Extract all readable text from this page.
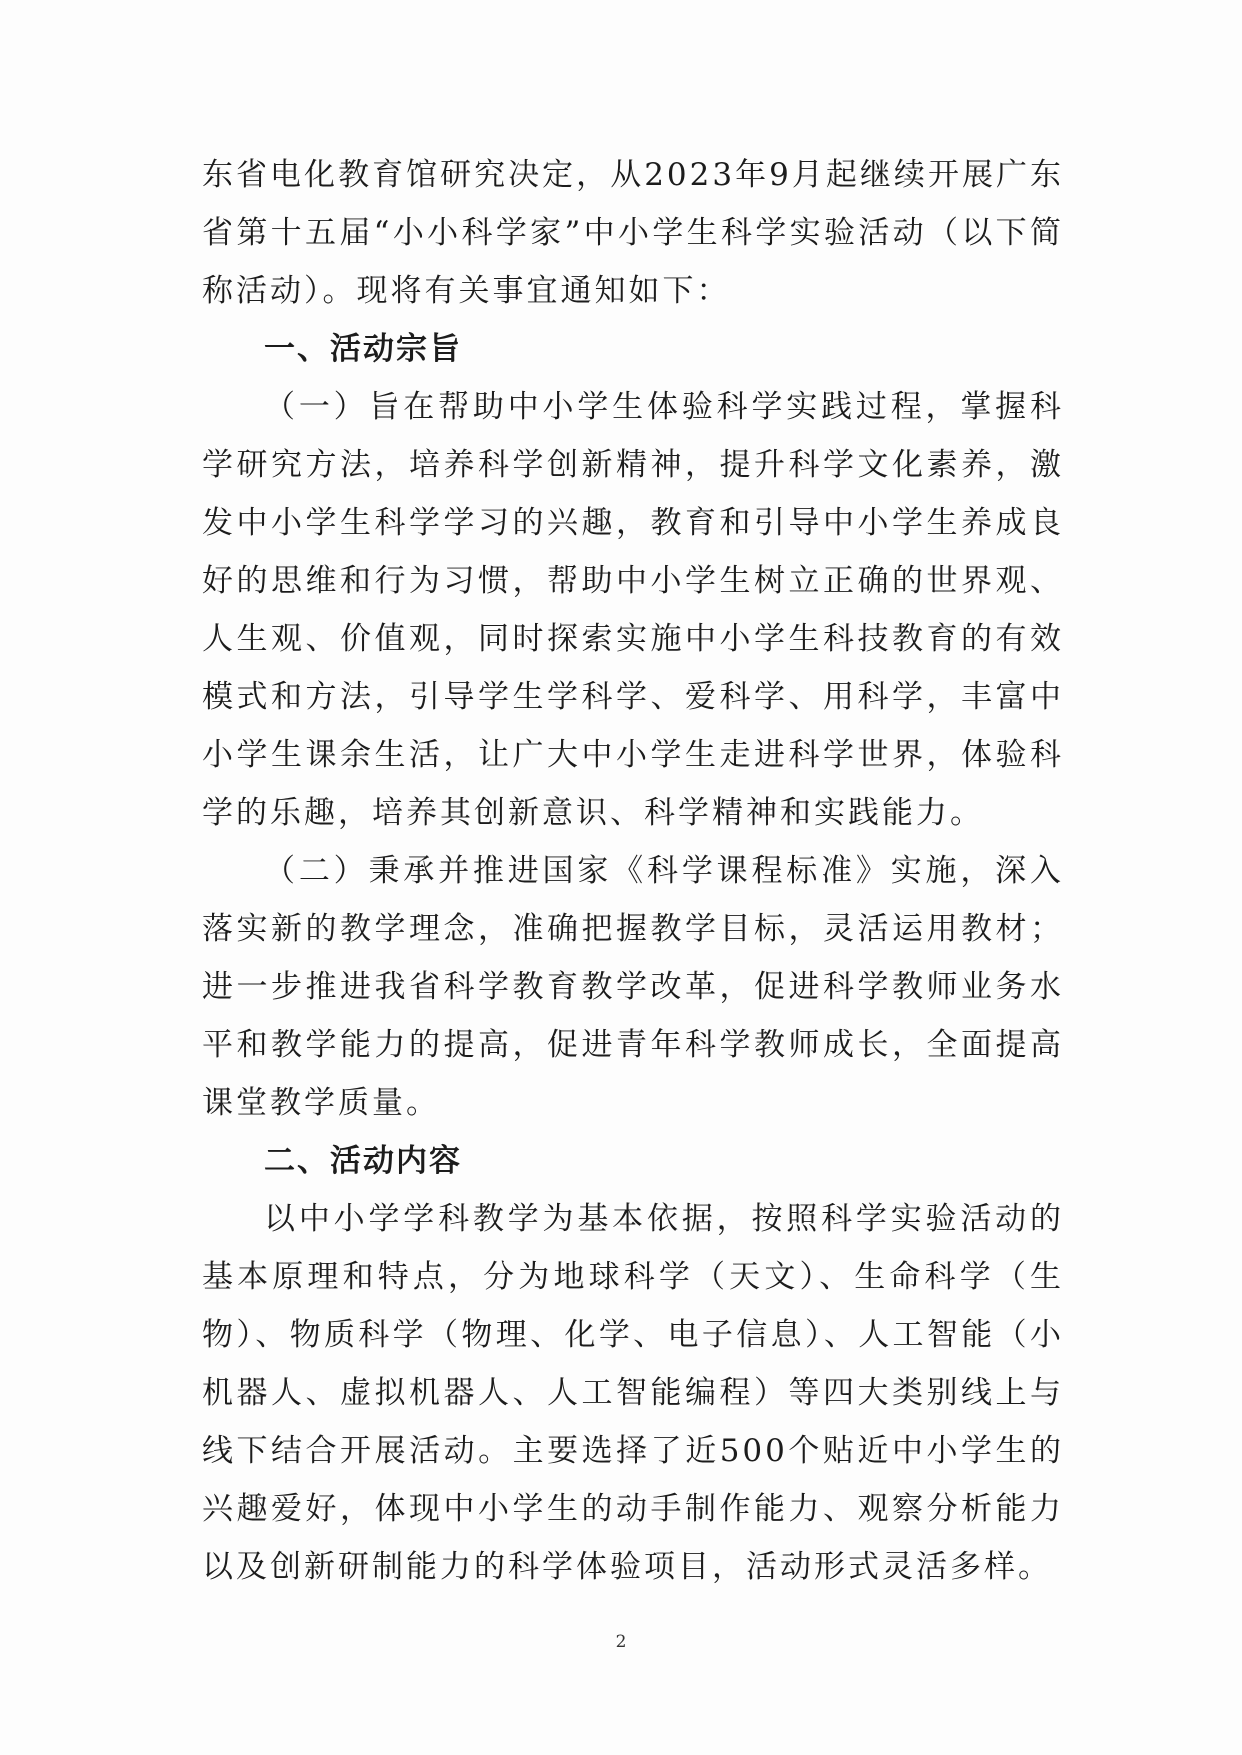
东省电化教育馆研究决定，从2023年9月起继续开展广东省第十五届“小小科学家”中小学生科学实验活动（以下简称活动）。现将有关事宜通知如下：

一、活动宗旨

（一）旨在帮助中小学生体验科学实践过程，掌握科学研究方法，培养科学创新精神，提升科学文化素养，激发中小学生科学学习的兴趣，教育和引导中小学生养成良好的思维和行为习惯，帮助中小学生树立正确的世界观、人生观、价值观，同时探索实施中小学生科技教育的有效模式和方法，引导学生学科学、爱科学、用科学，丰富中小学生课余生活，让广大中小学生走进科学世界，体验科学的乐趣，培养其创新意识、科学精神和实践能力。

（二）秉承并推进国家《科学课程标准》实施，深入落实新的教学理念，准确把握教学目标，灵活运用教材；进一步推进我省科学教育教学改革，促进科学教师业务水平和教学能力的提高，促进青年科学教师成长，全面提高课堂教学质量。

二、活动内容

以中小学学科教学为基本依据，按照科学实验活动的基本原理和特点，分为地球科学（天文）、生命科学（生物）、物质科学（物理、化学、电子信息）、人工智能（小机器人、虚拟机器人、人工智能编程）等四大类别线上与线下结合开展活动。主要选择了近500个贴近中小学生的兴趣爱好，体现中小学生的动手制作能力、观察分析能力以及创新研制能力的科学体验项目，活动形式灵活多样。

2
